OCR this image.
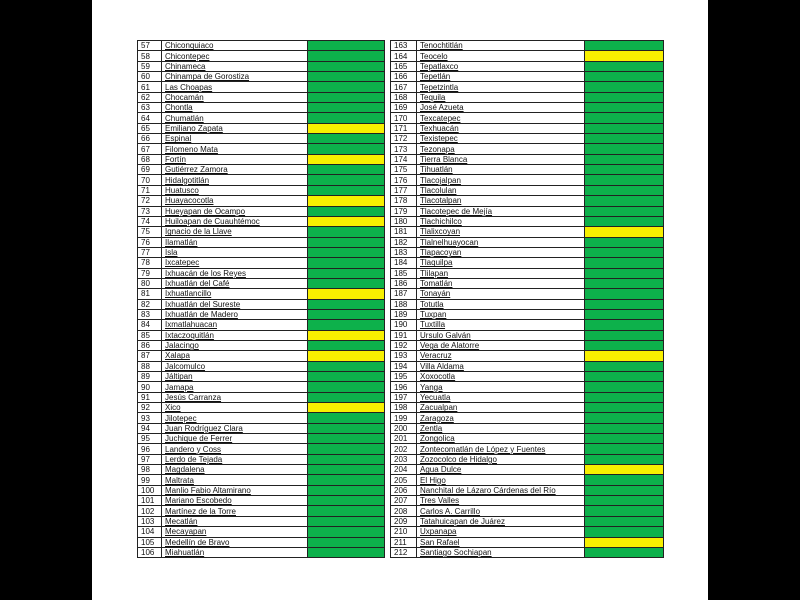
57	Chiconquiaco	
58	Chicontepec	
59	Chinameca	
60	Chinampa de Gorostiza	
61	Las Choapas	
62	Chocamán	
63	Chontla	
64	Chumatlán	
65	Emiliano Zapata	
66	Espinal	
67	Filomeno Mata	
68	Fortín	
69	Gutiérrez Zamora	
70	Hidalgotitlán	
71	Huatusco	
72	Huayacocotla	
73	Hueyapan de Ocampo	
74	Huiloapan de Cuauhtémoc	
75	Ignacio de la Llave	
76	Ilamatlán	
77	Isla	
78	Ixcatepec	
79	Ixhuacán de los Reyes	
80	Ixhuatlán del Café	
81	Ixhuatlancillo	
82	Ixhuatlán del Sureste	
83	Ixhuatlán de Madero	
84	Ixmatlahuacan	
85	Ixtaczoquitlán	
86	Jalacingo	
87	Xalapa	
88	Jalcomulco	
89	Jáltipan	
90	Jamapa	
91	Jesús Carranza	
92	Xico	
93	Jilotepec	
94	Juan Rodríguez Clara	
95	Juchique de Ferrer	
96	Landero y Coss	
97	Lerdo de Tejada	
98	Magdalena	
99	Maltrata	
100	Manlio Fabio Altamirano	
101	Mariano Escobedo	
102	Martínez de la Torre	
103	Mecatlán	
104	Mecayapan	
105	Medellín de Bravo	
106	Miahuatlán	
163	Tenochtitlán	
164	Teocelo	
165	Tepatlaxco	
166	Tepetlán	
167	Tepetzintla	
168	Tequila	
169	José Azueta	
170	Texcatepec	
171	Texhuacán	
172	Texistepec	
173	Tezonapa	
174	Tierra Blanca	
175	Tihuatlán	
176	Tlacojalpan	
177	Tlacolulan	
178	Tlacotalpan	
179	Tlacotepec de Mejía	
180	Tlachichilco	
181	Tlalixcoyan	
182	Tlalnelhuayocan	
183	Tlapacoyan	
184	Tlaquilpa	
185	Tlilapan	
186	Tomatlán	
187	Tonayán	
188	Totutla	
189	Tuxpan	
190	Tuxtilla	
191	Ursulo Galván	
192	Vega de Alatorre	
193	Veracruz	
194	Villa Aldama	
195	Xoxocotla	
196	Yanga	
197	Yecuatla	
198	Zacualpan	
199	Zaragoza	
200	Zentla	
201	Zongolica	
202	Zontecomatlán de López y Fuentes	
203	Zozocolco de Hidalgo	
204	Agua Dulce	
205	El Higo	
206	Nanchital de Lázaro Cárdenas del Río	
207	Tres Valles	
208	Carlos A. Carrillo	
209	Tatahuicapan de Juárez	
210	Uxpanapa	
211	San Rafael	
212	Santiago Sochiapan	
